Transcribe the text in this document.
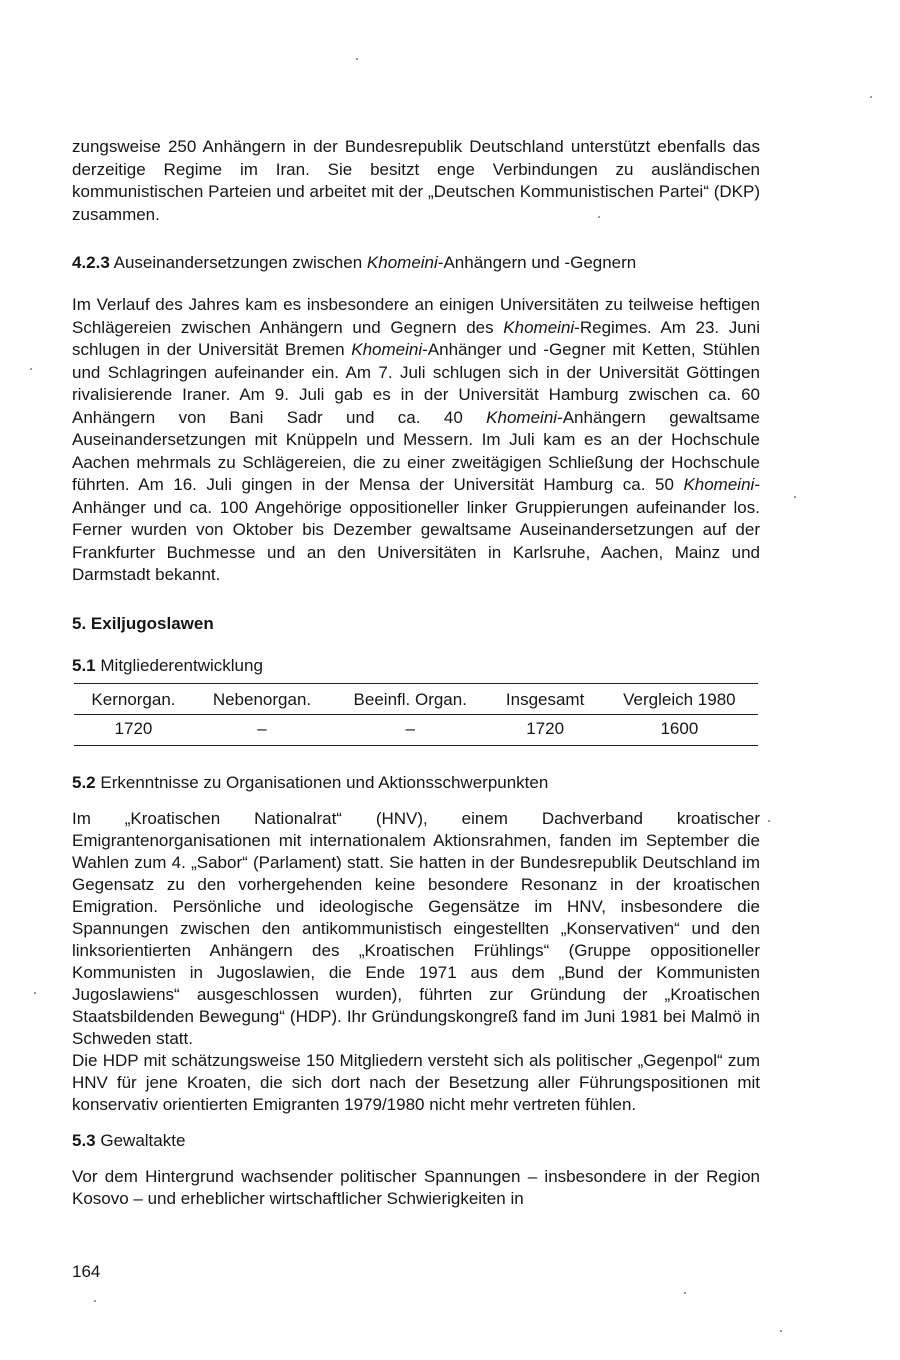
zungsweise 250 Anhängern in der Bundesrepublik Deutschland unterstützt ebenfalls das derzeitige Regime im Iran. Sie besitzt enge Verbindungen zu ausländischen kommunistischen Parteien und arbeitet mit der „Deutschen Kommunistischen Partei“ (DKP) zusammen.

4.2.3 Auseinandersetzungen zwischen Khomeini-Anhängern und -Gegnern

Im Verlauf des Jahres kam es insbesondere an einigen Universitäten zu teilweise heftigen Schlägereien zwischen Anhängern und Gegnern des Khomeini-Regimes. Am 23. Juni schlugen in der Universität Bremen Khomeini-Anhänger und -Gegner mit Ketten, Stühlen und Schlagringen aufeinander ein. Am 7. Juli schlugen sich in der Universität Göttingen rivalisierende Iraner. Am 9. Juli gab es in der Universität Hamburg zwischen ca. 60 Anhängern von Bani Sadr und ca. 40 Khomeini-Anhängern gewaltsame Auseinandersetzungen mit Knüppeln und Messern. Im Juli kam es an der Hochschule Aachen mehrmals zu Schlägereien, die zu einer zweitägigen Schließung der Hochschule führten. Am 16. Juli gingen in der Mensa der Universität Hamburg ca. 50 Khomeini-Anhänger und ca. 100 Angehörige oppositioneller linker Gruppierungen aufeinander los. Ferner wurden von Oktober bis Dezember gewaltsame Auseinandersetzungen auf der Frankfurter Buchmesse und an den Universitäten in Karlsruhe, Aachen, Mainz und Darmstadt bekannt.

5. Exiljugoslawen

5.1 Mitgliederentwicklung

Kernorgan.	Nebenorgan.	Beeinfl. Organ.	Insgesamt	Vergleich 1980
1720	–	–	1720	1600

5.2 Erkenntnisse zu Organisationen und Aktionsschwerpunkten

Im „Kroatischen Nationalrat“ (HNV), einem Dachverband kroatischer Emigrantenorganisationen mit internationalem Aktionsrahmen, fanden im September die Wahlen zum 4. „Sabor“ (Parlament) statt. Sie hatten in der Bundesrepublik Deutschland im Gegensatz zu den vorhergehenden keine besondere Resonanz in der kroatischen Emigration. Persönliche und ideologische Gegensätze im HNV, insbesondere die Spannungen zwischen den antikommunistisch eingestellten „Konservativen“ und den linksorientierten Anhängern des „Kroatischen Frühlings“ (Gruppe oppositioneller Kommunisten in Jugoslawien, die Ende 1971 aus dem „Bund der Kommunisten Jugoslawiens“ ausgeschlossen wurden), führten zur Gründung der „Kroatischen Staatsbildenden Bewegung“ (HDP). Ihr Gründungskongreß fand im Juni 1981 bei Malmö in Schweden statt.

Die HDP mit schätzungsweise 150 Mitgliedern versteht sich als politischer „Gegenpol“ zum HNV für jene Kroaten, die sich dort nach der Besetzung aller Führungspositionen mit konservativ orientierten Emigranten 1979/1980 nicht mehr vertreten fühlen.

5.3 Gewaltakte

Vor dem Hintergrund wachsender politischer Spannungen – insbesondere in der Region Kosovo – und erheblicher wirtschaftlicher Schwierigkeiten in

164
